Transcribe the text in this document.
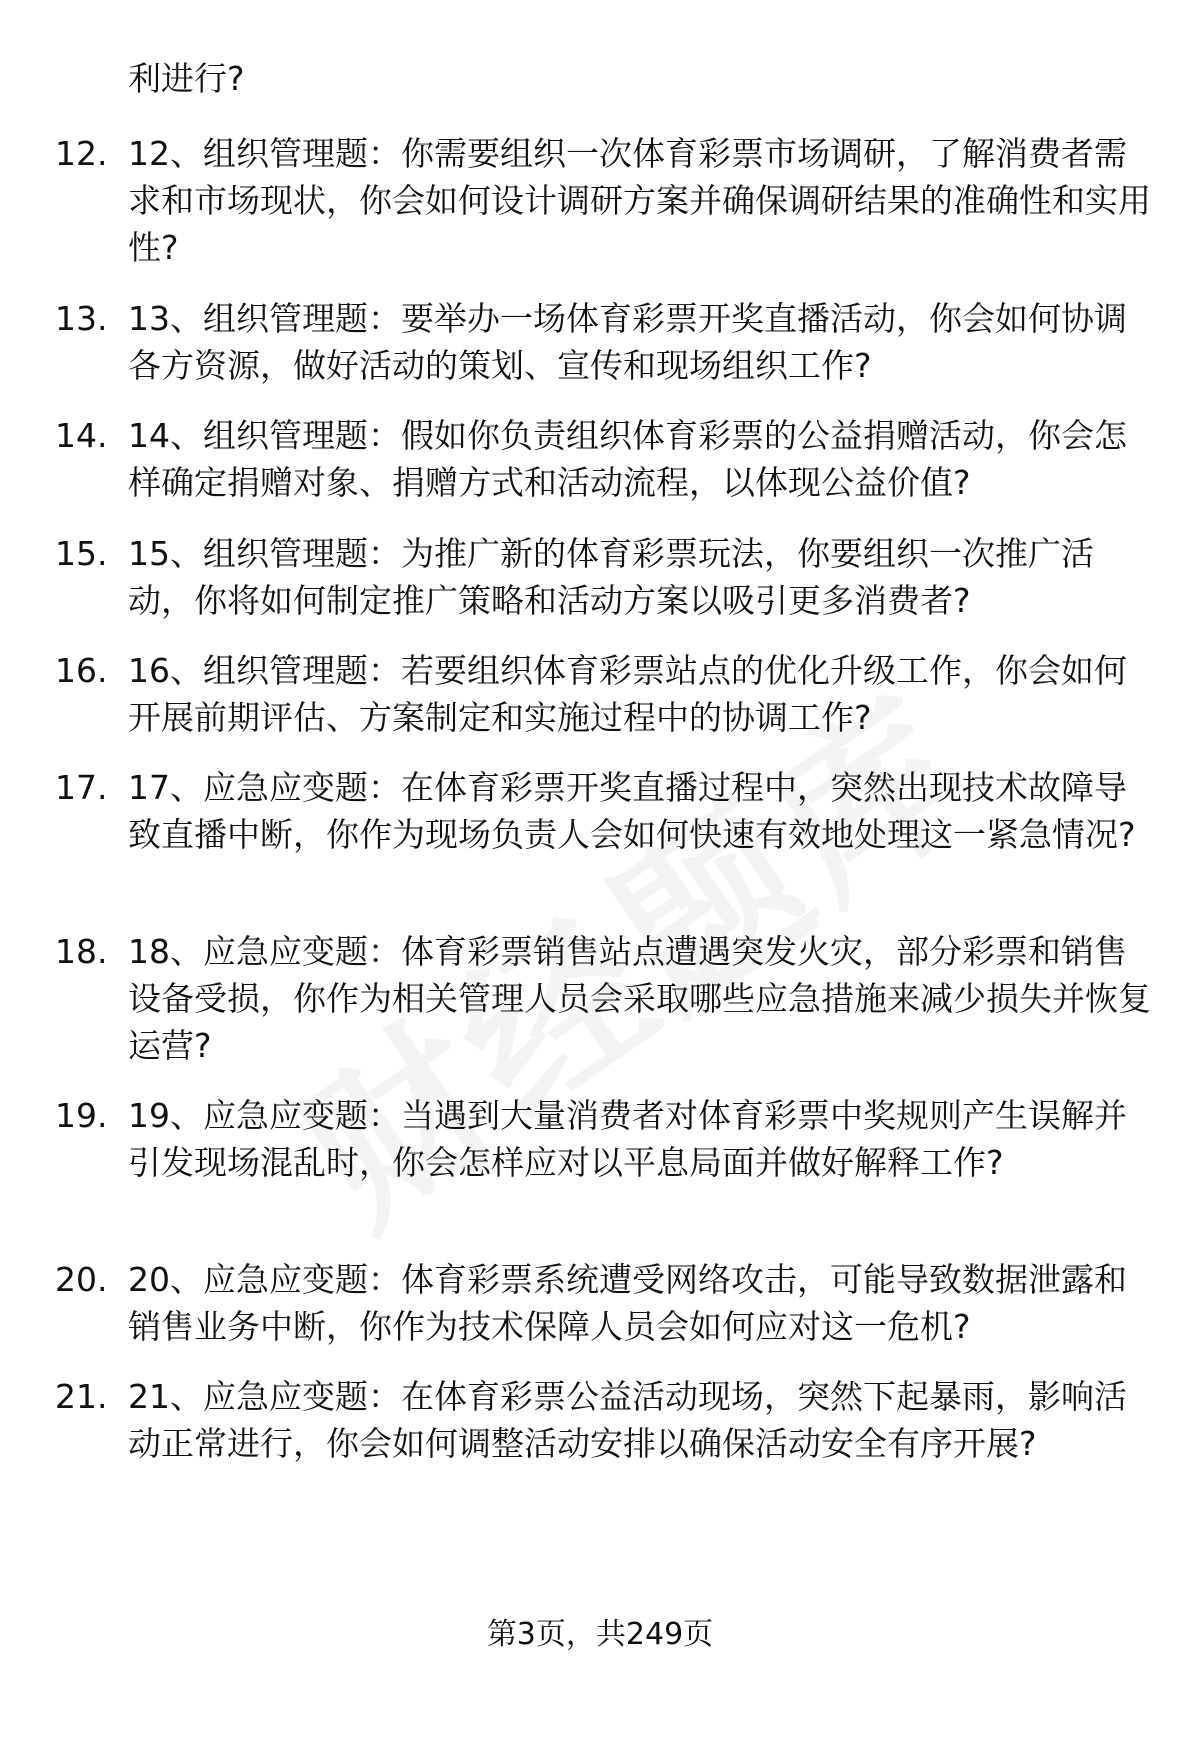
利进行?
12. 12、组织管理题：你需要组织一次体育彩票市场调研，了解消费者需求和市场现状，你会如何设计调研方案并确保调研结果的准确性和实用性?
13. 13、组织管理题：要举办一场体育彩票开奖直播活动，你会如何协调各方资源，做好活动的策划、宣传和现场组织工作?
14. 14、组织管理题：假如你负责组织体育彩票的公益捐赠活动，你会怎样确定捐赠对象、捐赠方式和活动流程，以体现公益价值?
15. 15、组织管理题：为推广新的体育彩票玩法，你要组织一次推广活动，你将如何制定推广策略和活动方案以吸引更多消费者?
16. 16、组织管理题：若要组织体育彩票站点的优化升级工作，你会如何开展前期评估、方案制定和实施过程中的协调工作?
17. 17、应急应变题：在体育彩票开奖直播过程中，突然出现技术故障导致直播中断，你作为现场负责人会如何快速有效地处理这一紧急情况?
18. 18、应急应变题：体育彩票销售站点遭遇突发火灾，部分彩票和销售设备受损，你作为相关管理人员会采取哪些应急措施来减少损失并恢复运营?
19. 19、应急应变题：当遇到大量消费者对体育彩票中奖规则产生误解并引发现场混乱时，你会怎样应对以平息局面并做好解释工作?
20. 20、应急应变题：体育彩票系统遭受网络攻击，可能导致数据泄露和销售业务中断，你作为技术保障人员会如何应对这一危机?
21. 21、应急应变题：在体育彩票公益活动现场，突然下起暴雨，影响活动正常进行，你会如何调整活动安排以确保活动安全有序开展?
第3页，共249页
